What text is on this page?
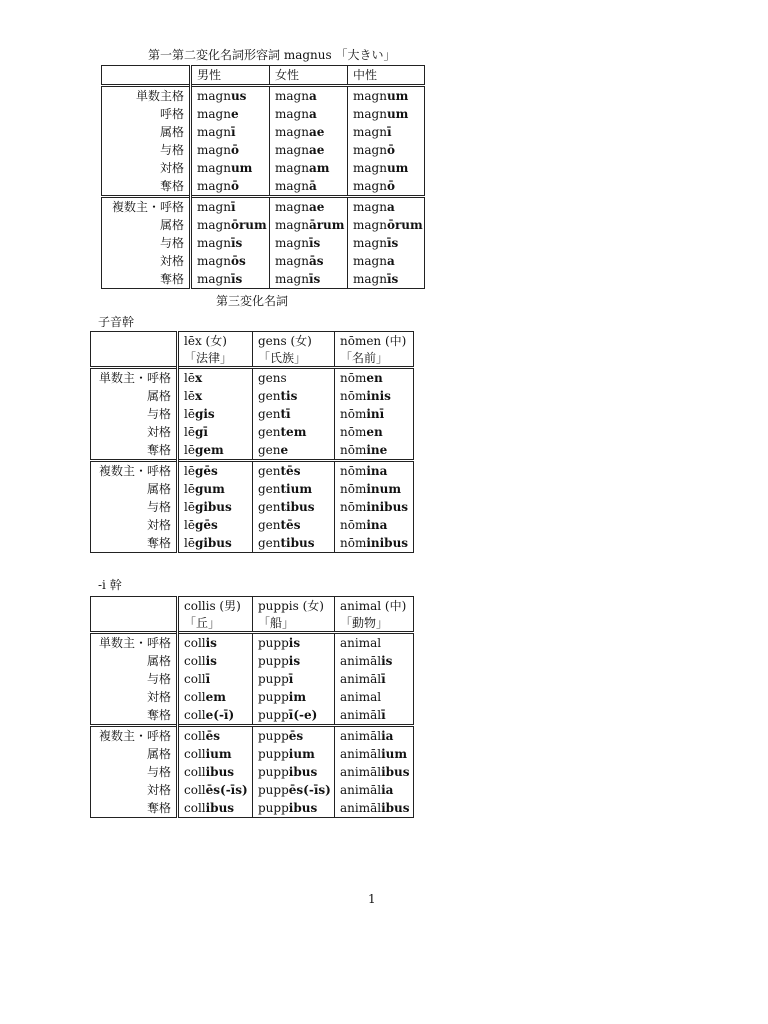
第一第二変化名詞形容詞 magnus 「大きい」
	男性	女性	中性
単数主格	magnus	magna	magnum
呼格	magne	magna	magnum
属格	magnī	magnae	magnī
与格	magnō	magnae	magnō
対格	magnum	magnam	magnum
奪格	magnō	magnā	magnō
複数主・呼格	magnī	magnae	magna
属格	magnōrum	magnārum	magnōrum
与格	magnīs	magnīs	magnīs
対格	magnōs	magnās	magna
奪格	magnīs	magnīs	magnīs
第三変化名詞
子音幹
	lēx (女)	gens (女)	nōmen (中)
	「法律」	「氏族」	「名前」
単数主・呼格	lēx	gens	nōmen
属格	lēx	gentis	nōminis
与格	lēgis	gentī	nōminī
対格	lēgī	gentem	nōmen
奪格	lēgem	gene	nōmine
複数主・呼格	lēgēs	gentēs	nōmina
属格	lēgum	gentium	nōminum
与格	lēgibus	gentibus	nōminibus
対格	lēgēs	gentēs	nōmina
奪格	lēgibus	gentibus	nōminibus
-i 幹
	collis (男)	puppis (女)	animal (中)
	「丘」	「船」	「動物」
単数主・呼格	collis	puppis	animal
属格	collis	puppis	animālis
与格	collī	puppī	animālī
対格	collem	puppim	animal
奪格	colle(-ī)	puppī(-e)	animālī
複数主・呼格	collēs	puppēs	animālia
属格	collium	puppium	animālium
与格	collibus	puppibus	animālibus
対格	collēs(-īs)	puppēs(-īs)	animālia
奪格	collibus	puppibus	animālibus
1
